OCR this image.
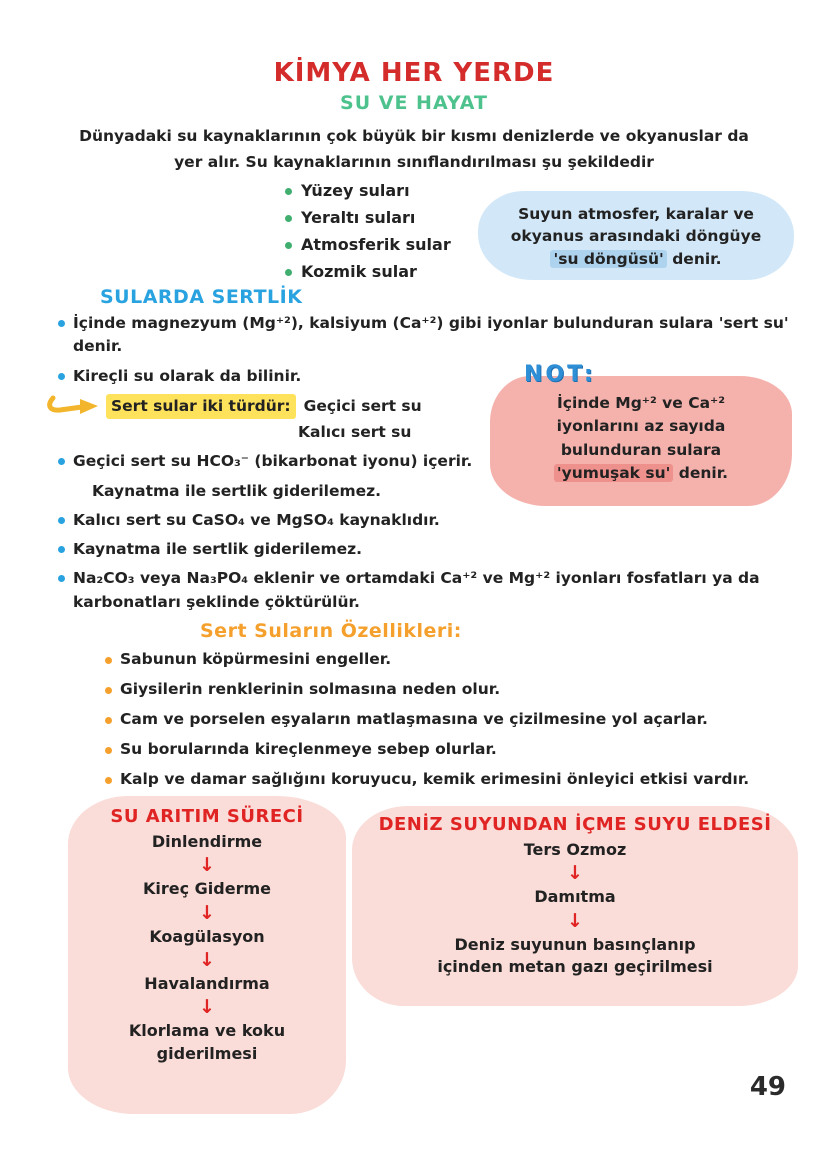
KİMYA HER YERDE
SU VE HAYAT
Dünyadaki su kaynaklarının çok büyük bir kısmı denizlerde ve okyanuslar da
yer alır. Su kaynaklarının sınıflandırılması şu şekildedir
Yüzey suları
Yeraltı suları
Atmosferik sular
Kozmik sular
Suyun atmosfer, karalar ve
okyanus arasındaki döngüye
'su döngüsü' denir.
SULARDA SERTLİK
İçinde magnezyum (Mg⁺²), kalsiyum (Ca⁺²) gibi iyonlar bulunduran sulara 'sert su' denir.
Kireçli su olarak da bilinir.
Sert sular iki türdür: Geçici sert su
Kalıcı sert su
Geçici sert su HCO₃⁻ (bikarbonat iyonu) içerir.
Kaynatma ile sertlik giderilemez.
Kalıcı sert su CaSO₄ ve MgSO₄ kaynaklıdır.
Kaynatma ile sertlik giderilemez.
Na₂CO₃ veya Na₃PO₄ eklenir ve ortamdaki Ca⁺² ve Mg⁺² iyonları fosfatları ya da karbonatları şeklinde çöktürülür.
NOT:
İçinde Mg⁺² ve Ca⁺²
iyonlarını az sayıda
bulunduran sulara
'yumuşak su' denir.
Sert Suların Özellikleri:
Sabunun köpürmesini engeller.
Giysilerin renklerinin solmasına neden olur.
Cam ve porselen eşyaların matlaşmasına ve çizilmesine yol açarlar.
Su borularında kireçlenmeye sebep olurlar.
Kalp ve damar sağlığını koruyucu, kemik erimesini önleyici etkisi vardır.
SU ARITIM SÜRECİ
Dinlendirme
↓
Kireç Giderme
↓
Koagülasyon
↓
Havalandırma
↓
Klorlama ve koku
giderilmesi
DENİZ SUYUNDAN İÇME SUYU ELDESİ
Ters Ozmoz
↓
Damıtma
↓
Deniz suyunun basınçlanıp
içinden metan gazı geçirilmesi
49
